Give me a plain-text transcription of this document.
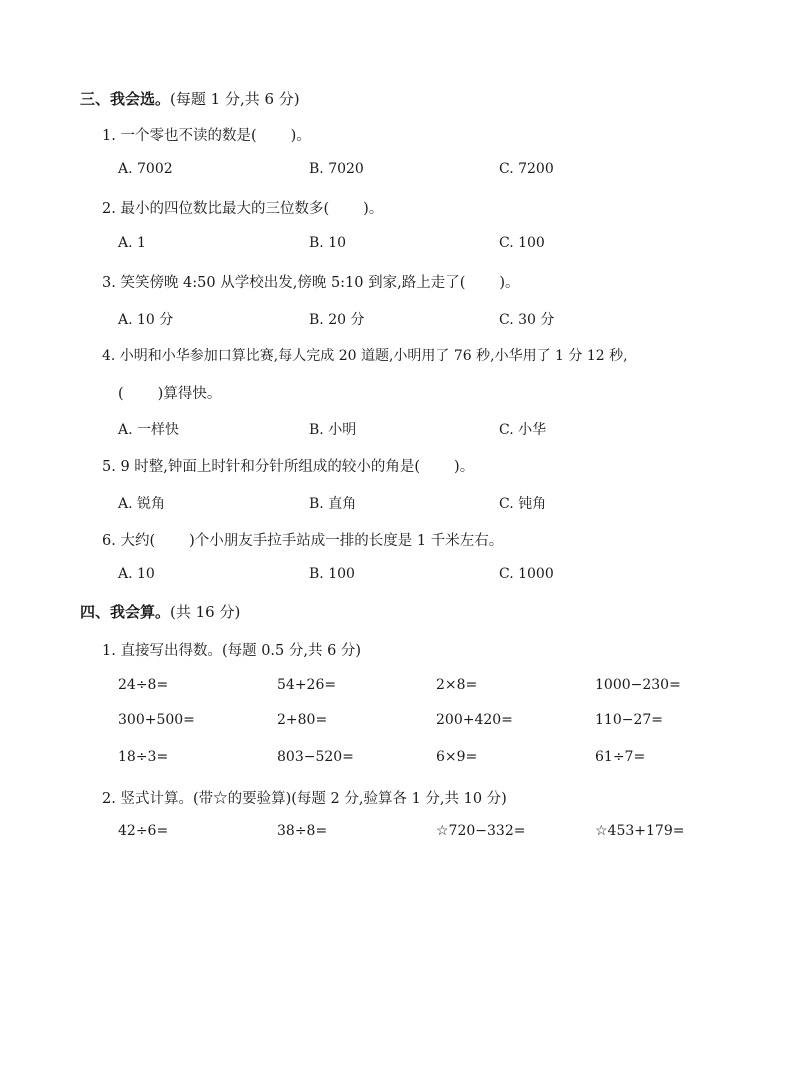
三、我会选。(每题 1 分,共 6 分)
1. 一个零也不读的数是( )。
A. 7002	B. 7020	C. 7200
2. 最小的四位数比最大的三位数多( )。
A. 1	B. 10	C. 100
3. 笑笑傍晚 4:50 从学校出发,傍晚 5:10 到家,路上走了( )。
A. 10 分	B. 20 分	C. 30 分
4. 小明和小华参加口算比赛,每人完成 20 道题,小明用了 76 秒,小华用了 1 分 12 秒,
( )算得快。
A. 一样快	B. 小明	C. 小华
5. 9 时整,钟面上时针和分针所组成的较小的角是( )。
A. 锐角	B. 直角	C. 钝角
6. 大约( )个小朋友手拉手站成一排的长度是 1 千米左右。
A. 10	B. 100	C. 1000
四、我会算。(共 16 分)
1. 直接写出得数。(每题 0.5 分,共 6 分)
24÷8=	54+26=	2×8=	1000−230=
300+500=	2+80=	200+420=	110−27=
18÷3=	803−520=	6×9=	61÷7=
2. 竖式计算。(带☆的要验算)(每题 2 分,验算各 1 分,共 10 分)
42÷6=	38÷8=	☆720−332=	☆453+179=
